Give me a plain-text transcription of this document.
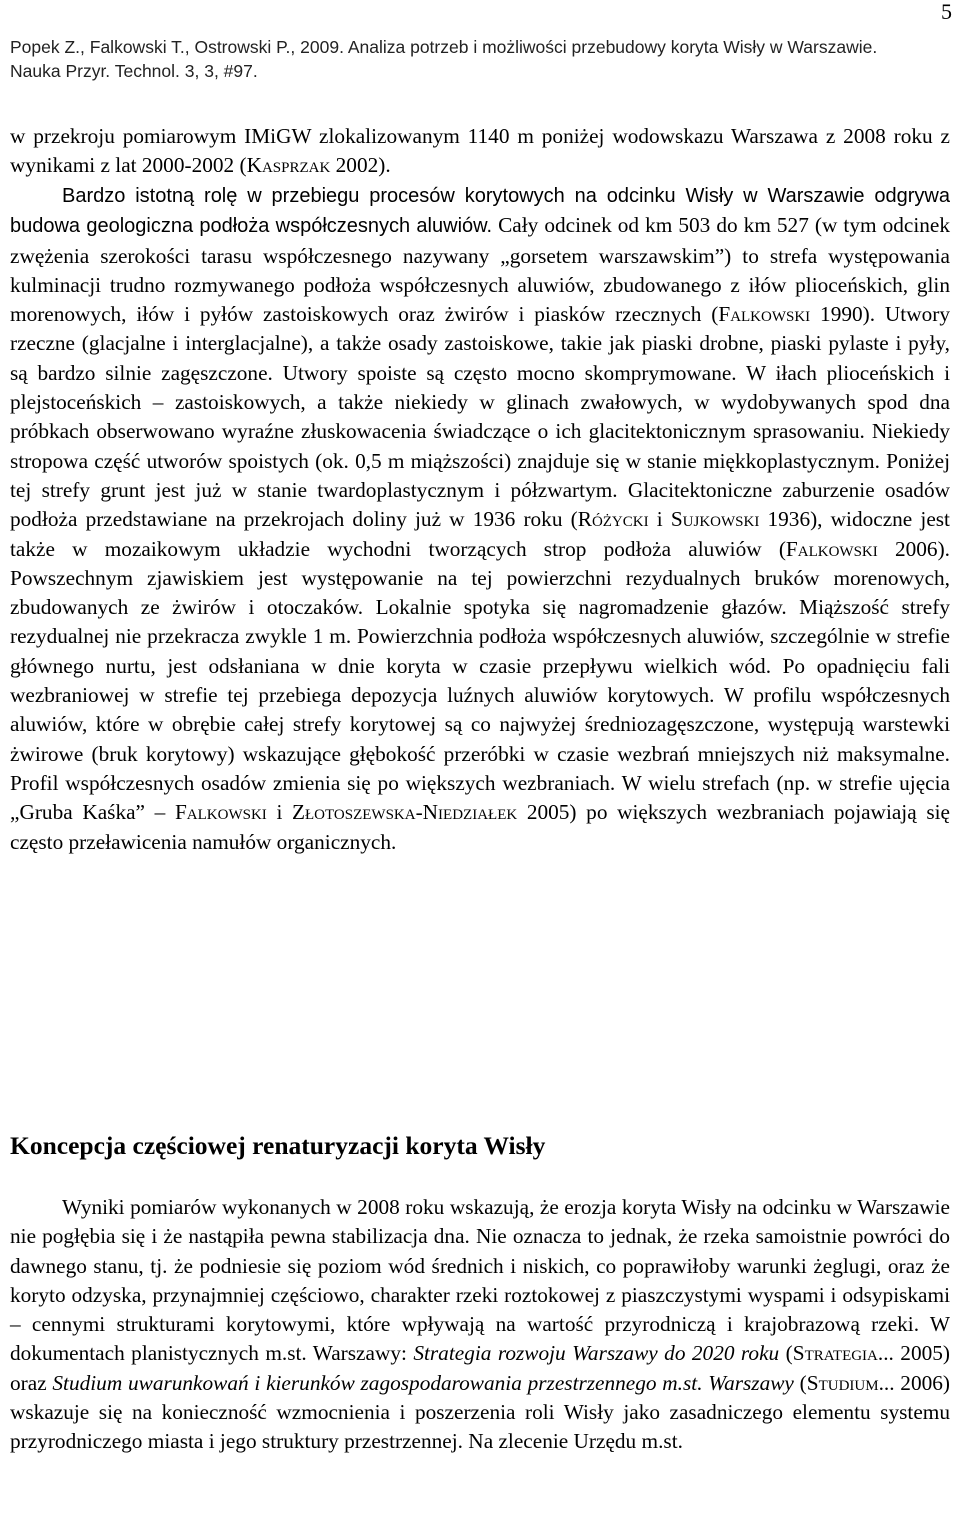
5
Popek Z., Falkowski T., Ostrowski P., 2009. Analiza potrzeb i możliwości przebudowy koryta Wisły w Warszawie.
Nauka Przyr. Technol. 3, 3, #97.

w przekroju pomiarowym IMiGW zlokalizowanym 1140 m poniżej wodowskazu Warszawa z 2008 roku z wynikami z lat 2000-2002 (Kasprzak 2002).

Bardzo istotną rolę w przebiegu procesów korytowych na odcinku Wisły w Warszawie odgrywa budowa geologiczna podłoża współczesnych aluwiów. Cały odcinek od km 503 do km 527 (w tym odcinek zwężenia szerokości tarasu współczesnego nazywany „gorsetem warszawskim”) to strefa występowania kulminacji trudno rozmywanego podłoża współczesnych aluwiów, zbudowanego z iłów plioceńskich, glin morenowych, iłów i pyłów zastoiskowych oraz żwirów i piasków rzecznych (Falkowski 1990). Utwory rzeczne (glacjalne i interglacjalne), a także osady zastoiskowe, takie jak piaski drobne, piaski pylaste i pyły, są bardzo silnie zagęszczone. Utwory spoiste są często mocno skomprymowane. W iłach plioceńskich i plejstoceńskich – zastoiskowych, a także niekiedy w glinach zwałowych, w wydobywanych spod dna próbkach obserwowano wyraźne złuskowacenia świadczące o ich glacitektonicznym sprasowaniu. Niekiedy stropowa część utworów spoistych (ok. 0,5 m miąższości) znajduje się w stanie miękkoplastycznym. Poniżej tej strefy grunt jest już w stanie twardoplastycznym i półzwartym. Glacitektoniczne zaburzenie osadów podłoża przedstawiane na przekrojach doliny już w 1936 roku (Różycki i Sujkowski 1936), widoczne jest także w mozaikowym układzie wychodni tworzących strop podłoża aluwiów (Falkowski 2006). Powszechnym zjawiskiem jest występowanie na tej powierzchni rezydualnych bruków morenowych, zbudowanych ze żwirów i otoczaków. Lokalnie spotyka się nagromadzenie głazów. Miąższość strefy rezydualnej nie przekracza zwykle 1 m. Powierzchnia podłoża współczesnych aluwiów, szczególnie w strefie głównego nurtu, jest odsłaniana w dnie koryta w czasie przepływu wielkich wód. Po opadnięciu fali wezbraniowej w strefie tej przebiega depozycja luźnych aluwiów korytowych. W profilu współczesnych aluwiów, które w obrębie całej strefy korytowej są co najwyżej średniozagęszczone, występują warstewki żwirowe (bruk korytowy) wskazujące głębokość przeróbki w czasie wezbrań mniejszych niż maksymalne. Profil współczesnych osadów zmienia się po większych wezbraniach. W wielu strefach (np. w strefie ujęcia „Gruba Kaśka” – Falkowski i Złotoszewska-Niedziałek 2005) po większych wezbraniach pojawiają się często przeławicenia namułów organicznych.

Koncepcja częściowej renaturyzacji koryta Wisły

Wyniki pomiarów wykonanych w 2008 roku wskazują, że erozja koryta Wisły na odcinku w Warszawie nie pogłębia się i że nastąpiła pewna stabilizacja dna. Nie oznacza to jednak, że rzeka samoistnie powróci do dawnego stanu, tj. że podniesie się poziom wód średnich i niskich, co poprawiłoby warunki żeglugi, oraz że koryto odzyska, przynajmniej częściowo, charakter rzeki roztokowej z piaszczystymi wyspami i odsypiskami – cennymi strukturami korytowymi, które wpływają na wartość przyrodniczą i krajobrazową rzeki. W dokumentach planistycznych m.st. Warszawy: Strategia rozwoju Warszawy do 2020 roku (Strategia... 2005) oraz Studium uwarunkowań i kierunków zagospodarowania przestrzennego m.st. Warszawy (Studium... 2006) wskazuje się na konieczność wzmocnienia i poszerzenia roli Wisły jako zasadniczego elementu systemu przyrodniczego miasta i jego struktury przestrzennej. Na zlecenie Urzędu m.st.
